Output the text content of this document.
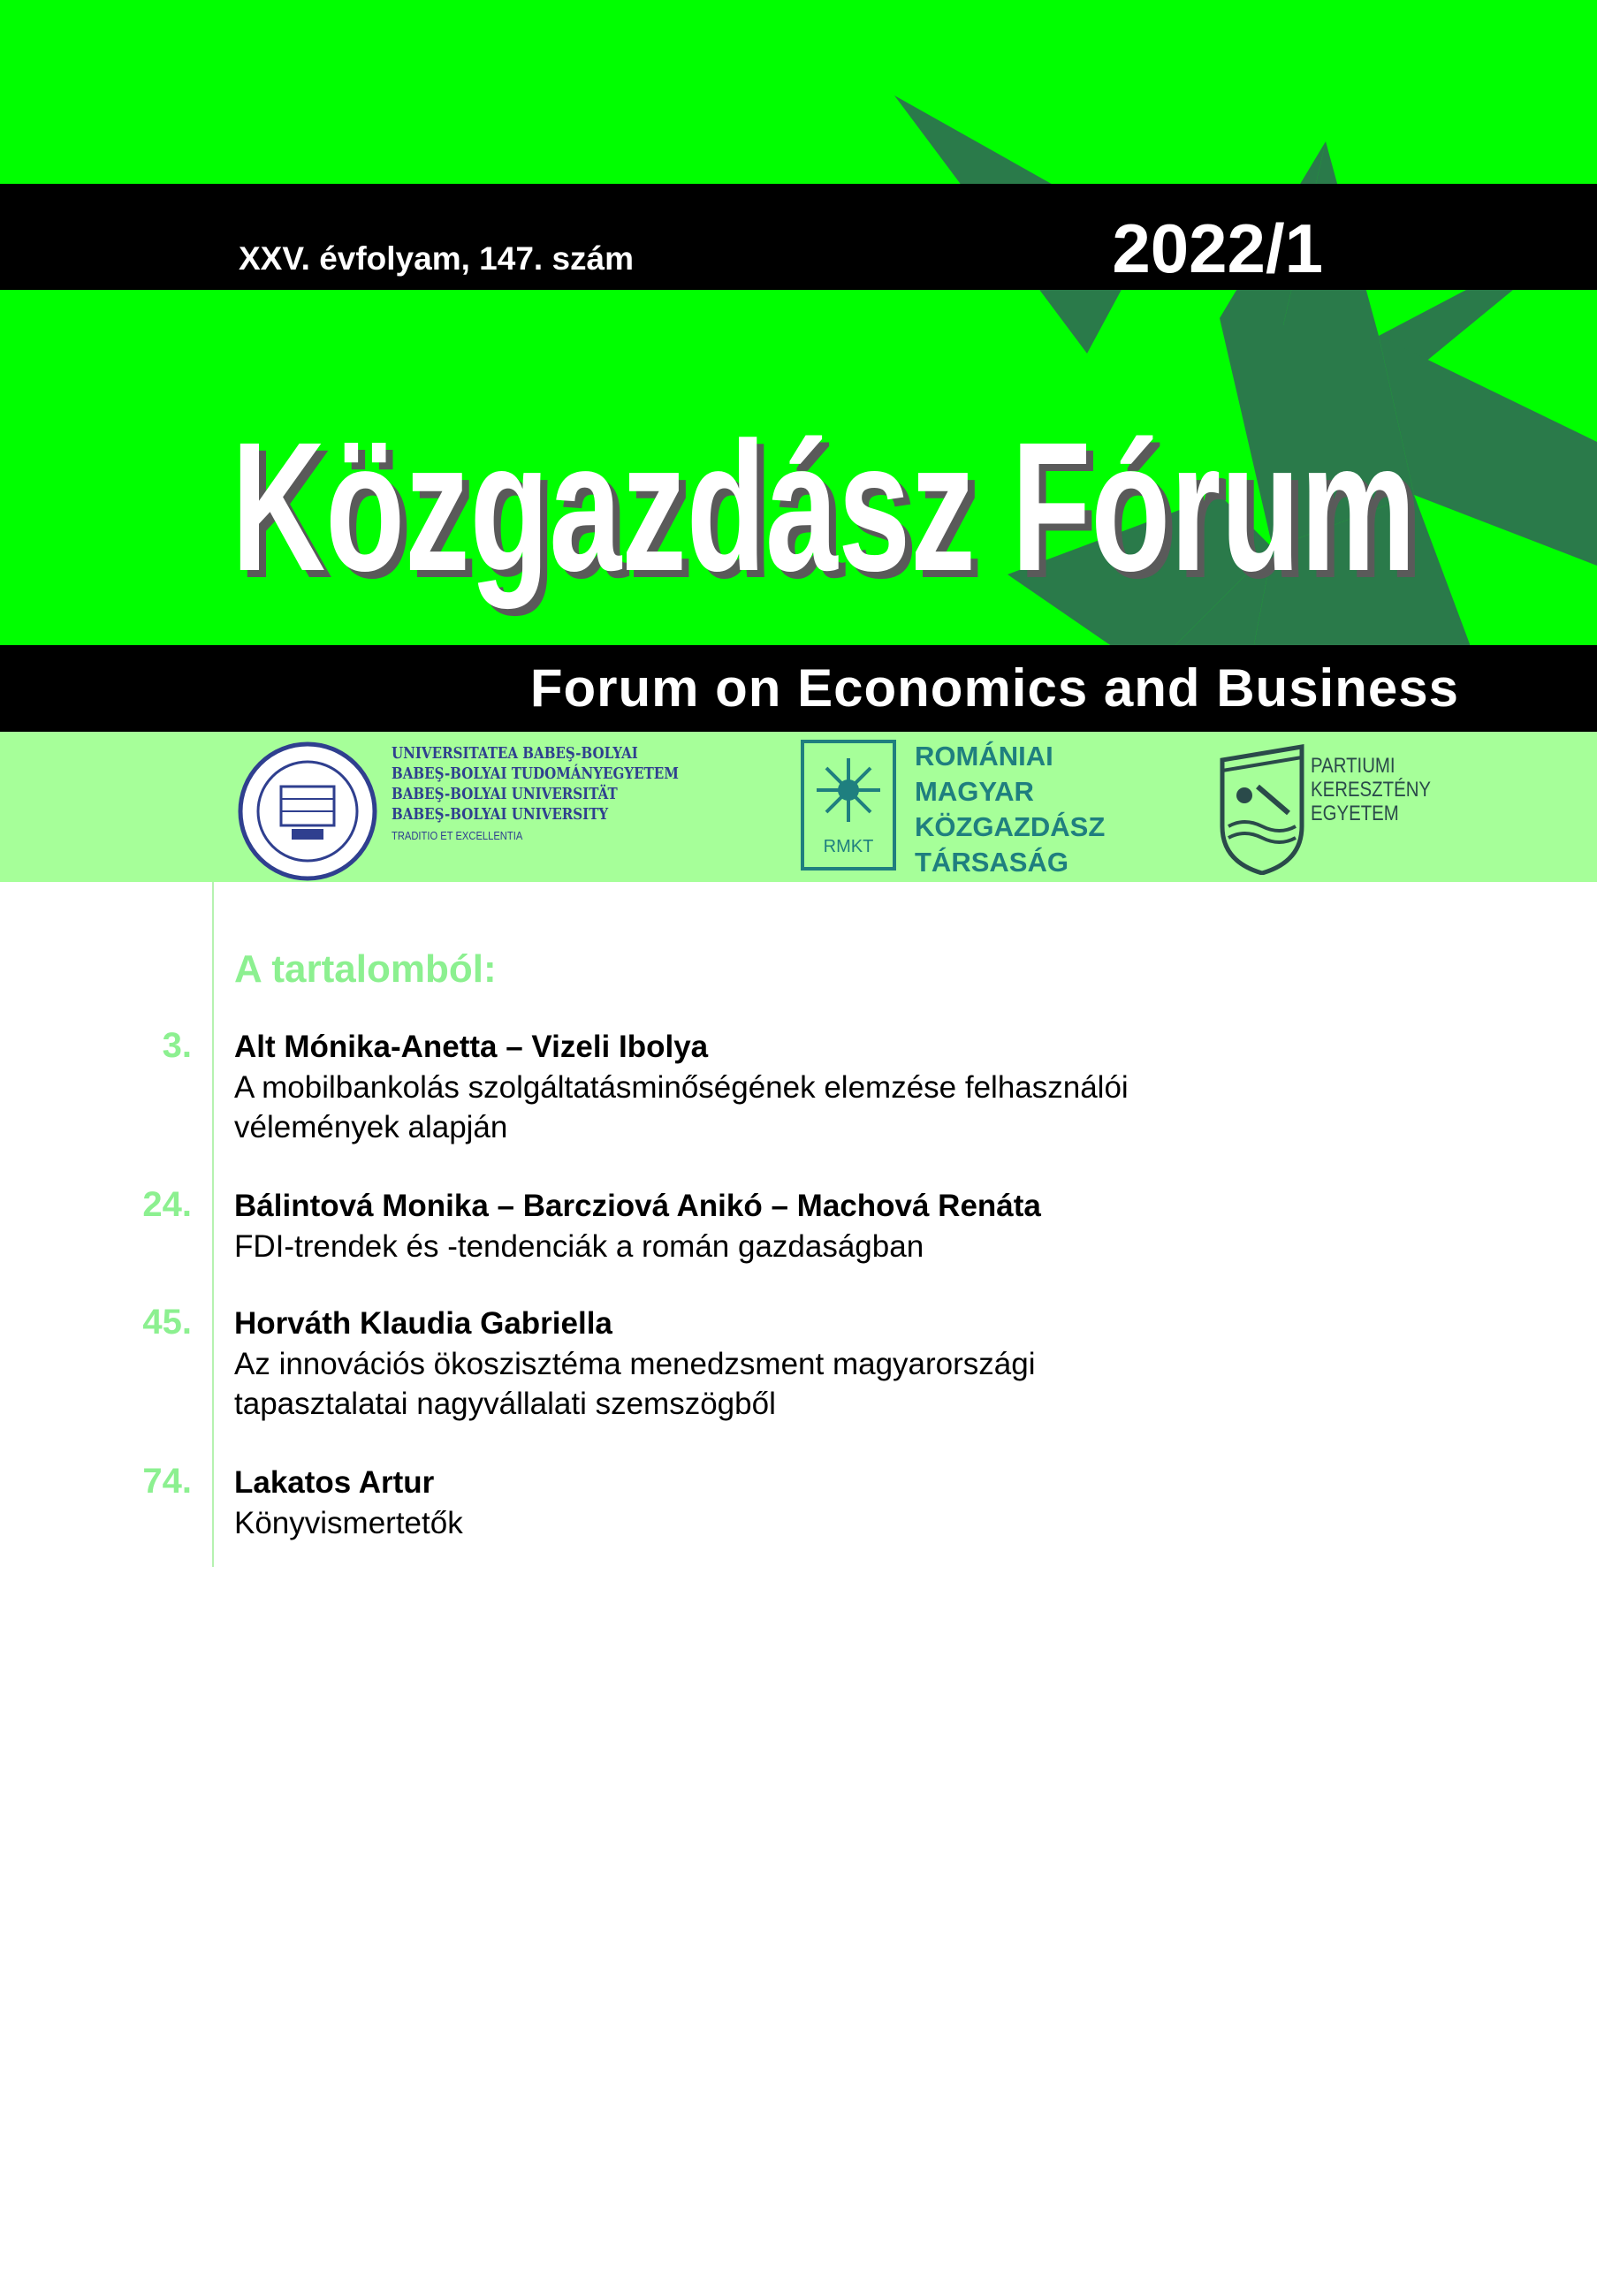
XXV. évfolyam, 147. szám	2022/1
Közgazdász Fórum
Közgazdász Fórum
Forum on Economics and Business
UNIVERSITATEA BABEŞ-BOLYAI
BABEŞ-BOLYAI TUDOMÁNYEGYETEM
BABEŞ-BOLYAI UNIVERSITÄT
BABEŞ-BOLYAI UNIVERSITY
TRADITIO ET EXCELLENTIA
RMKT
ROMÁNIAI
MAGYAR
KÖZGAZDÁSZ
TÁRSASÁG
PARTIUMI
KERESZTÉNY
EGYETEM
A tartalomból:
3. Alt Mónika-Anetta – Vizeli Ibolya
A mobilbankolás szolgáltatásminőségének elemzése felhasználói
vélemények alapján
24. Bálintová Monika – Barcziová Anikó – Machová Renáta
FDI-trendek és -tendenciák a román gazdaságban
45. Horváth Klaudia Gabriella
Az innovációs ökoszisztéma menedzsment magyarországi
tapasztalatai nagyvállalati szemszögből
74. Lakatos Artur
Könyvismertetők
